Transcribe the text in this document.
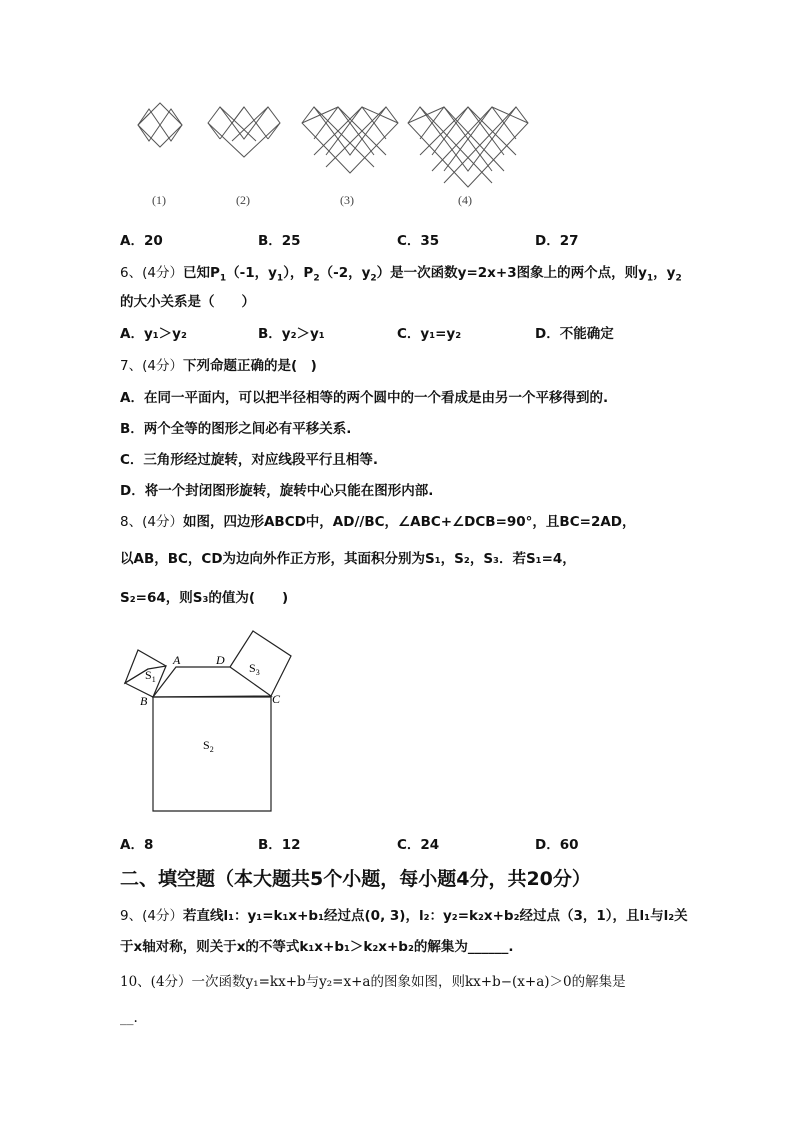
(1)	(2)	(3)	(4)
A．20	B．25	C．35	D．27
6、(4分）已知$P_1(-1$，$y_1$），$P_2(-2$，$y_2$）是一次函数y=2x+3图象上的两个点，则$y_1$，$y_2$
的大小关系是（　　）
A．y₁＞y₂	B．y₂＞y₁	C．y₁=y₂	D．不能确定
7、(4分）下列命题正确的是(　)
A．在同一平面内，可以把半径相等的两个圆中的一个看成是由另一个平移得到的.
B．两个全等的图形之间必有平移关系.
C．三角形经过旋转，对应线段平行且相等.
D．将一个封闭图形旋转，旋转中心只能在图形内部.
8、(4分）如图，四边形ABCD中，AD//BC，∠ABC+∠DCB=90°，且BC=2AD，
以AB，BC，CD为边向外作正方形，其面积分别为S₁，S₂，S₃．若S₁=4，
S₂=64，则S₃的值为(　　)
A	D
B	C
$S_1$
$S_3$
$S_2$
A．8	B．12	C．24	D．60
二、填空题（本大题共5个小题，每小题4分，共20分）
9、(4分）若直线l₁：y₁=k₁x+b₁经过点(0, 3)，l₂：y₂=k₂x+b₂经过点（3，1），且l₁与l₂关
于x轴对称，则关于x的不等式k₁x+b₁＞k₂x+b₂的解集为______.
10、(4分）一次函数y₁=kx+b与y₂=x+a的图象如图，则kx+b−(x+a)＞0的解集是
__.
